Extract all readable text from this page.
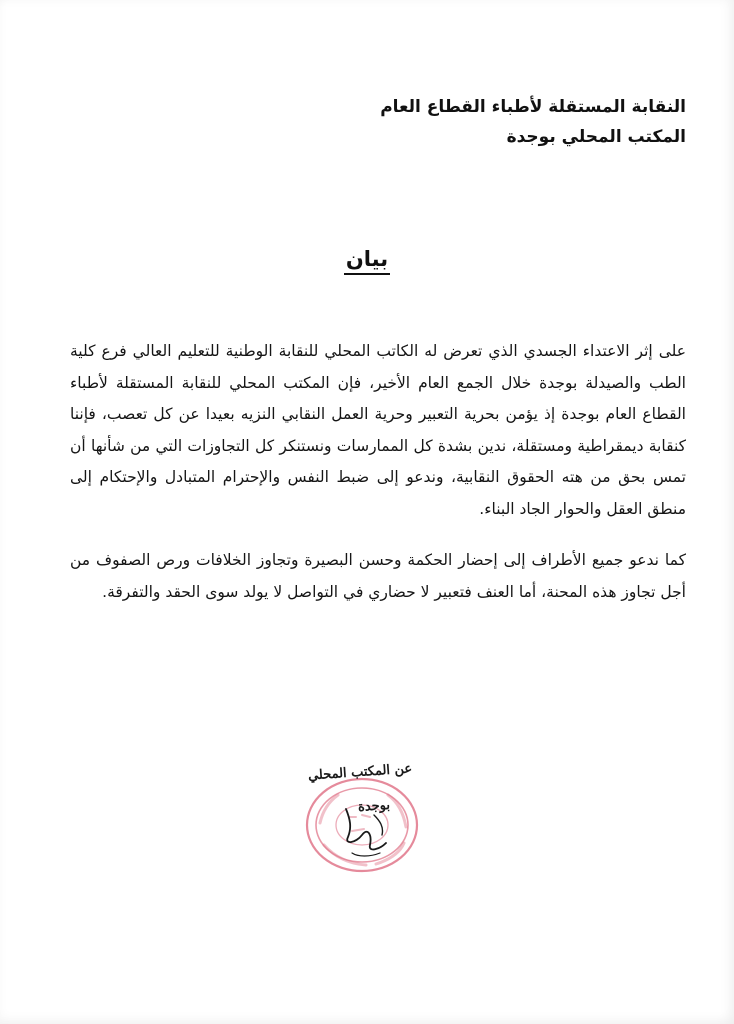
النقابة المستقلة لأطباء القطاع العام
المكتب المحلي بوجدة
بيان

على إثر الاعتداء الجسدي الذي تعرض له الكاتب المحلي للنقابة الوطنية للتعليم العالي فرع كلية الطب والصيدلة بوجدة خلال الجمع العام الأخير، فإن المكتب المحلي للنقابة المستقلة لأطباء القطاع العام بوجدة إذ يؤمن بحرية التعبير وحرية العمل النقابي النزيه بعيدا عن كل تعصب، فإننا كنقابة ديمقراطية ومستقلة، ندين بشدة كل الممارسات ونستنكر كل التجاوزات التي من شأنها أن تمس بحق من هته الحقوق النقابية، وندعو إلى ضبط النفس والإحترام المتبادل والإحتكام إلى منطق العقل والحوار الجاد البناء.

كما ندعو جميع الأطراف إلى إحضار الحكمة وحسن البصيرة وتجاوز الخلافات ورص الصفوف من أجل تجاوز هذه المحنة، أما العنف فتعبير لا حضاري في التواصل لا يولد سوى الحقد والتفرقة.

عن المكتب المحلي
بوجدة
